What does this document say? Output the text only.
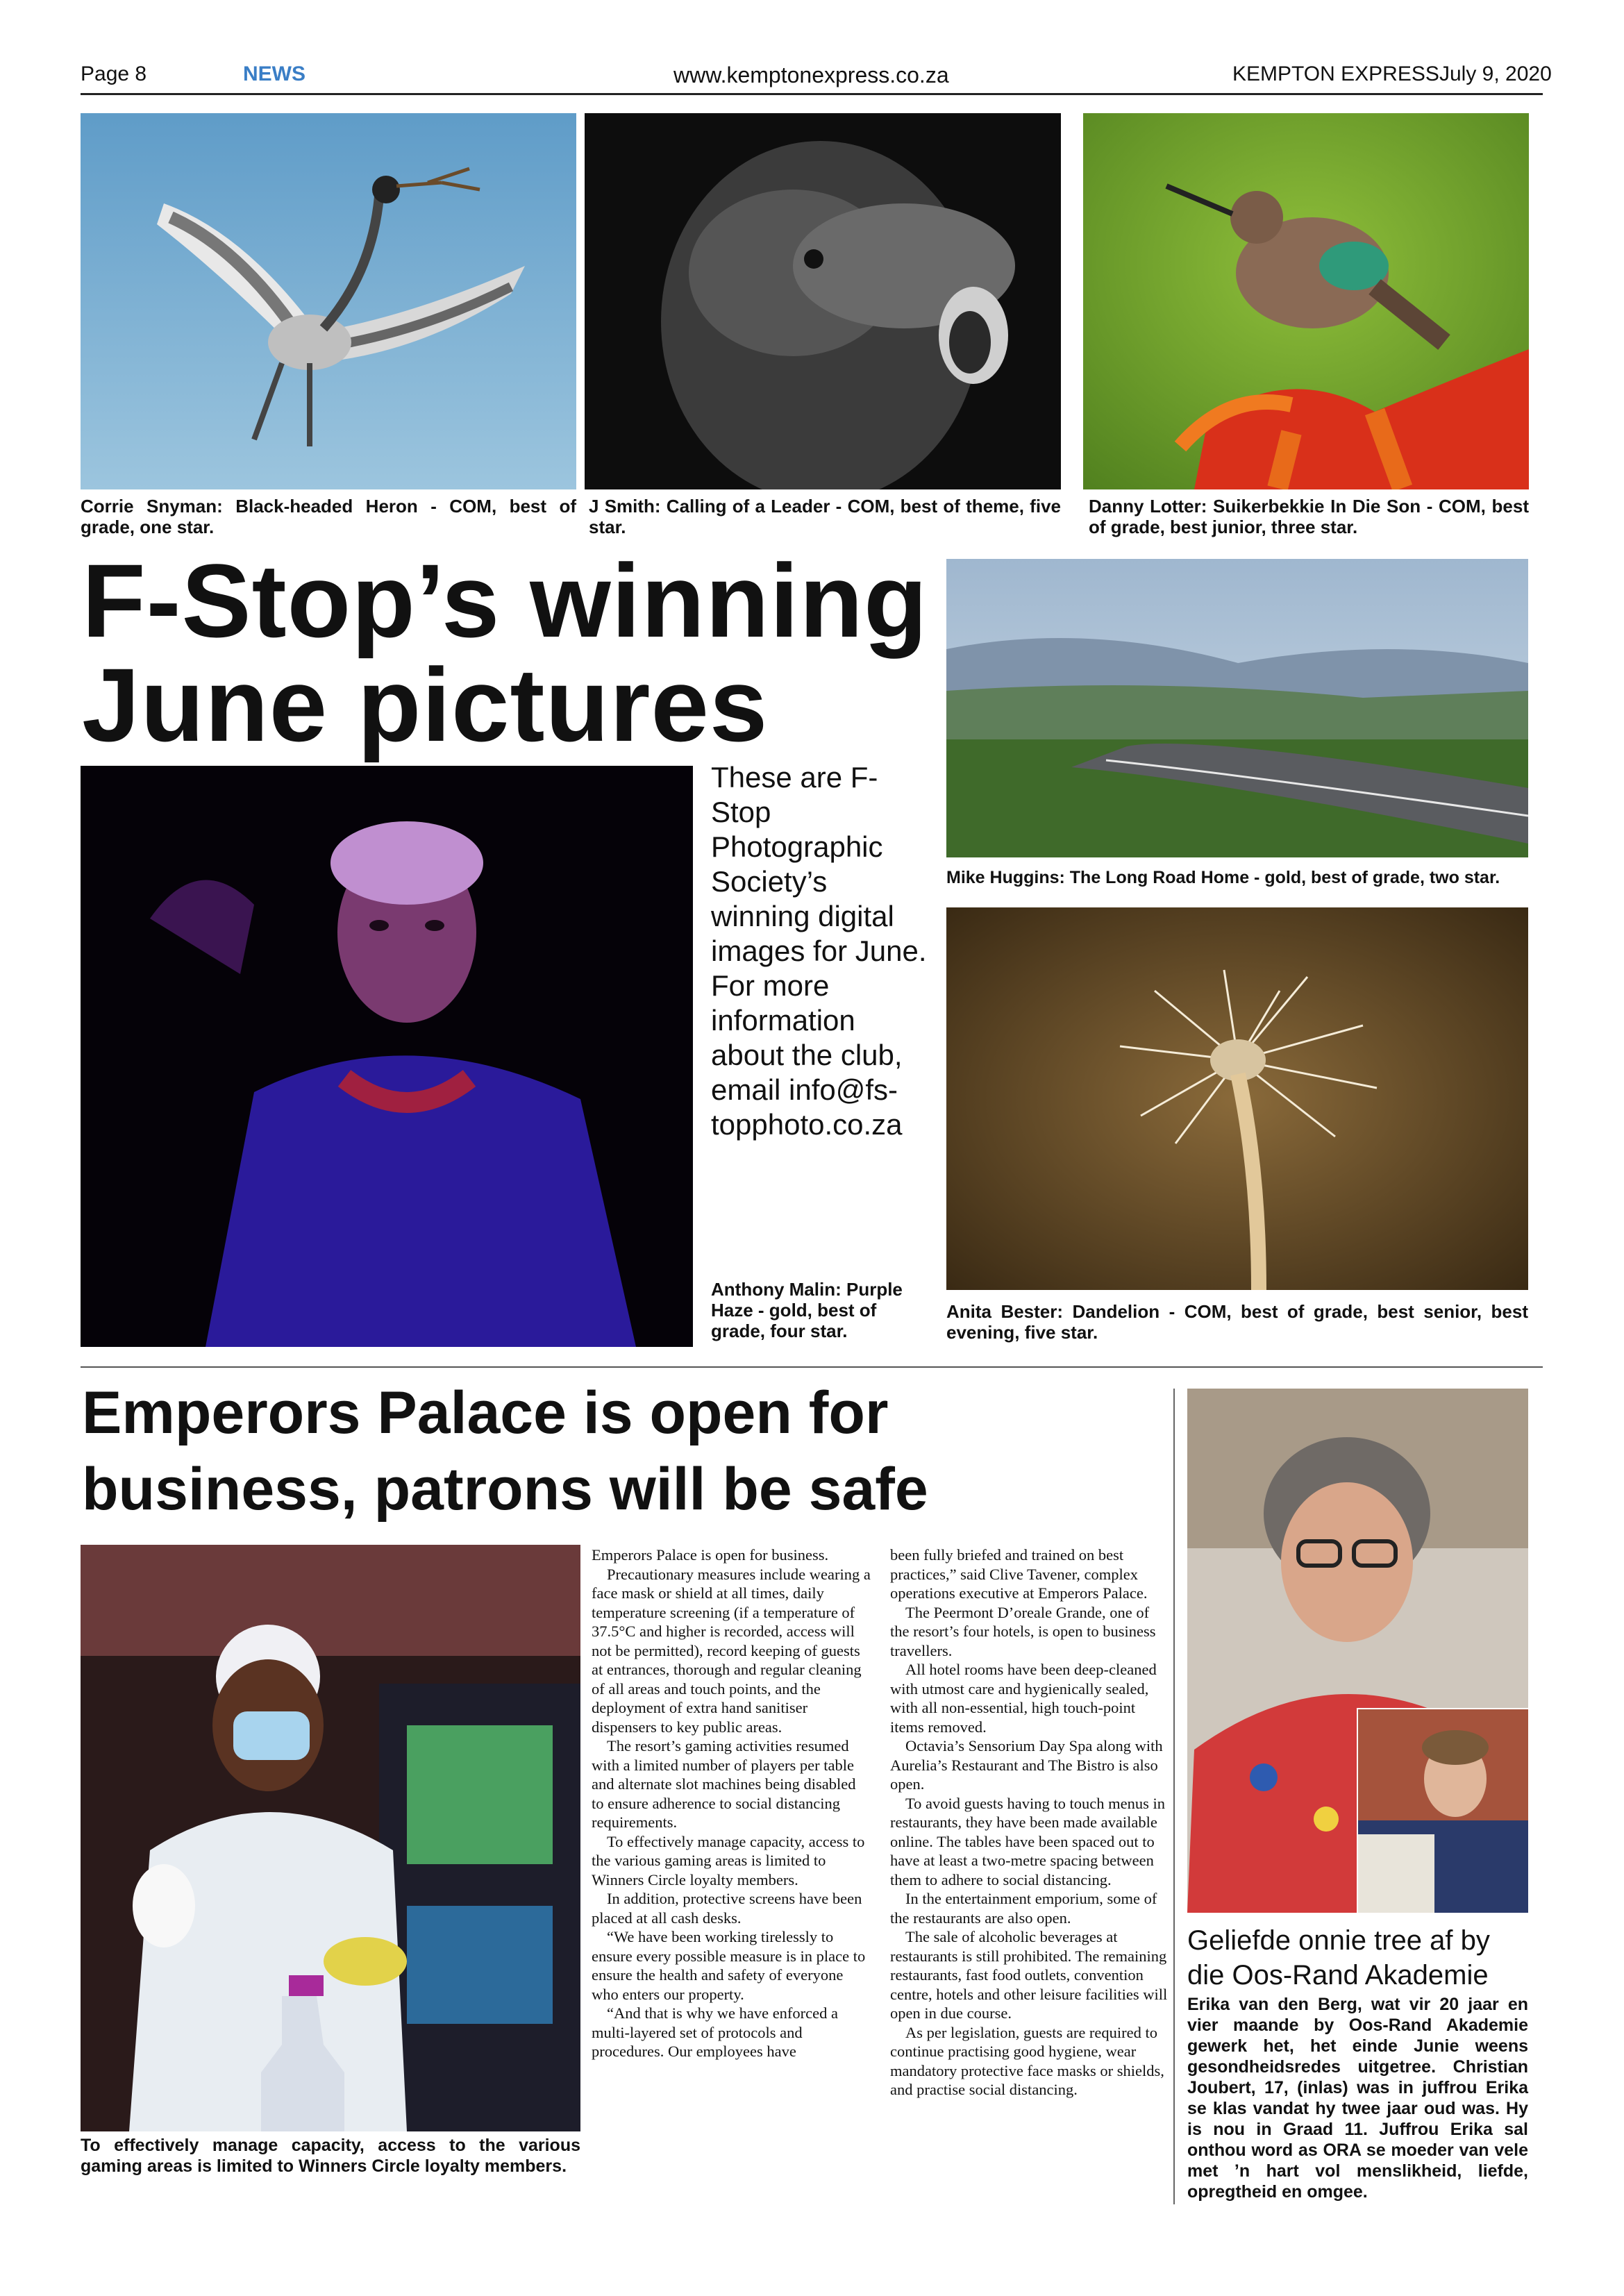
Page 8	NEWS	www.kemptonexpress.co.za	KEMPTON EXPRESS July 9, 2020
Corrie Snyman: Black-headed Heron - COM, best of grade, one star.
J Smith: Calling of a Leader - COM, best of theme, five star.
Danny Lotter: Suikerbekkie In Die Son - COM, best of grade, best junior, three star.
F-Stop’s winning
June pictures
These are F-Stop Photographic Society’s winning digital images for June. For more information about the club, email info@fs-topphoto.co.za
Anthony Malin: Purple Haze - gold, best of grade, four star.
Mike Huggins: The Long Road Home - gold, best of grade, two star.
Anita Bester: Dandelion - COM, best of grade, best senior, best evening, five star.
Emperors Palace is open for
business, patrons will be safe
To effectively manage capacity, access to the various gaming areas is limited to Winners Circle loyalty members.

Emperors Palace is open for business.

Precautionary measures include wearing a face mask or shield at all times, daily temperature screening (if a temperature of 37.5°C and higher is recorded, access will not be permitted), record keeping of guests at entrances, thorough and regular cleaning of all areas and touch points, and the deployment of extra hand sanitiser dispensers to key public areas.

The resort’s gaming activities resumed with a limited number of players per table and alternate slot machines being disabled to ensure adherence to social distancing requirements.

To effectively manage capacity, access to the various gaming areas is limited to Winners Circle loyalty members.

In addition, protective screens have been placed at all cash desks.

“We have been working tirelessly to ensure every possible measure is in place to ensure the health and safety of everyone who enters our property.

“And that is why we have enforced a multi-layered set of protocols and procedures. Our employees have

been fully briefed and trained on best practices,” said Clive Tavener, complex operations executive at Emperors Palace.

The Peermont D’oreale Grande, one of the resort’s four hotels, is open to business travellers.

All hotel rooms have been deep-cleaned with utmost care and hygienically sealed, with all non-essential, high touch-point items removed.

Octavia’s Sensorium Day Spa along with Aurelia’s Restaurant and The Bistro is also open.

To avoid guests having to touch menus in restaurants, they have been made available online. The tables have been spaced out to have at least a two-metre spacing between them to adhere to social distancing.

In the entertainment emporium, some of the restaurants are also open.

The sale of alcoholic beverages at restaurants is still prohibited. The remaining restaurants, fast food outlets, convention centre, hotels and other leisure facilities will open in due course.

As per legislation, guests are required to continue practising good hygiene, wear mandatory protective face masks or shields, and practise social distancing.

Geliefde onnie tree af by die Oos-Rand Akademie
Erika van den Berg, wat vir 20 jaar en vier maande by Oos-Rand Akademie gewerk het, het einde Junie weens gesondheidsredes uitgetree. Christian Joubert, 17, (inlas) was in juffrou Erika se klas vandat hy twee jaar oud was. Hy is nou in Graad 11. Juffrou Erika sal onthou word as ORA se moeder van vele met ’n hart vol menslikheid, liefde, opregtheid en omgee.
